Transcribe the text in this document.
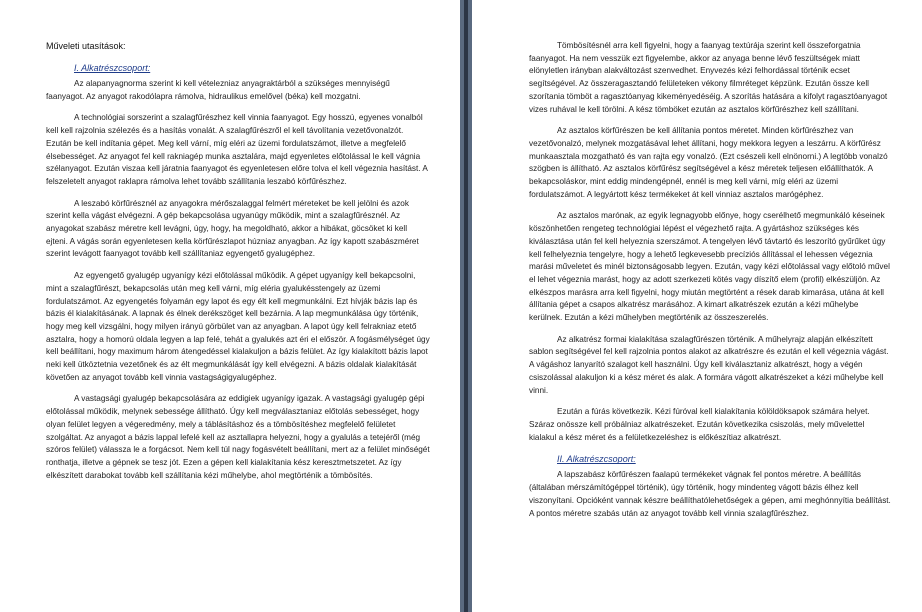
Műveleti utasítások:
I. Alkatrészcsoport:

Az alapanyagnorma szerint ki kell vételezniaz anyagraktárból a szükséges mennyiségű faanyagot. Az anyagot rakodólapra rámolva, hidraulikus emelővel (béka) kell mozgatni.

A technológiai sorszerint a szalagfűrészhez kell vinnia faanyagot. Egy hosszú, egyenes vonalból kell kell rajzolnia szélezés és a hasítás vonalát. A szalagfűrészről el kell távolítania vezetővonalzót. Ezután be kell indítania gépet. Meg kell vární, míg eléri az üzemi fordulatszámot, illetve a megfelelő élsebességet. Az anyagot fel kell rakniagép munka asztalára, majd egyenletes előtolással le kell vágnia szélanyagot. Ezután viszaa kell járatnia faanyagot és egyenletesen előre tolva el kell végeznia hasítást. A felszeletelt anyagot raklapra rámolva lehet tovább szállítania leszabó körfűrészhez.

A leszabó körfűrésznél az anyagokra mérőszalaggal felmért méreteket be kell jelölni és azok szerint kella vágást elvégezni. A gép bekapcsolása ugyanúgy működik, mint a szalagfűrésznél. Az anyagokat szabász méretre kell levágni, úgy, hogy, ha megoldható, akkor a hibákat, göcsöket ki kell ejteni. A vágás során egyenletesen kella körfűrészlapot húzniaz anyagban. Az így kapott szabászméret szerint levágott faanyagot tovább kell szállítaniaz egyengető gyalugéphez.

Az egyengető gyalugép ugyanígy kézi előtolással működik. A gépet ugyanígy kell bekapcsolni, mint a szalagfűrészt, bekapcsolás után meg kell várni, míg eléria gyalukésstengely az üzemi fordulatszámot. Az egyengetés folyamán egy lapot és egy élt kell megmunkálni. Ezt hívják bázis lap és bázis él kialakításának. A lapnak és élnek derékszöget kell bezárnia. A lap megmunkálása úgy történik, hogy meg kell vizsgálni, hogy milyen irányú görbület van az anyagban. A lapot úgy kell felrakniaz etető asztalra, hogy a homorú oldala legyen a lap felé, tehát a gyalukés azt éri el először. A fogásmélységet úgy kell beállítani, hogy maximum három átengedéssel kialakuljon a bázis felület. Az így kialakított bázis lapot neki kell ütköztetnia vezetőnek és az élt megmunkálását így kell elvégezni. A bázis oldalak kialakítását követően az anyagot tovább kell vinnia vastagságigyalugéphez.

A vastagsági gyalugép bekapcsolására az eddigiek ugyanígy igazak. A vastagsági gyalugép gépi előtolással működik, melynek sebessége állítható. Úgy kell megválasztaniaz előtolás sebességet, hogy olyan felület legyen a végeredmény, mely a táblásításhoz és a tömbösítéshez megfelelő felületet szolgáltat. Az anyagot a bázis lappal lefelé kell az asztallapra helyezni, hogy a gyalulás a tetejéről (még szóros felület) válassza le a forgácsot. Nem kell túl nagy fogásvételt beállítani, mert az a felület minőségét ronthatja, illetve a gépnek se tesz jót. Ezen a gépen kell kialakítania kész keresztmetszetet. Az így elkészített darabokat tovább kell szállítania kézi műhelybe, ahol megtörténik a tömbösítés.

Tömbösítésnél arra kell figyelni, hogy a faanyag textúrája szerint kell összeforgatnia faanyagot. Ha nem vesszük ezt figyelembe, akkor az anyaga benne lévő feszültségek miatt elönyletlen irányban alakváltozást szenvedhet. Enyvezés kézi felhordással történik ecset segítségével. Az összeragasztandó felületeken vékony filmréteget képzünk. Ezután össze kell szorítania tömböt a ragasztóanyag kikeményedéséig. A szorítás hatására a kifolyt ragasztóanyagot vizes ruhával le kell törölni. A kész tömböket ezután az asztalos körfűrészhez kell szállítani.

Az asztalos körfűrészen be kell állítania pontos méretet. Minden körfűrészhez van vezetővonalzó, melynek mozgatásával lehet állítani, hogy mekkora legyen a leszárru. A körfűrész munkaasztala mozgatható és van rajta egy vonalzó. (Ezt csészeli kell elnönorni.) A legtöbb vonalzó szögben is állítható. Az asztalos körfűrész segítségével a kész méretek teljesen előállíthatók. A bekapcsoláskor, mint eddig mindengépnél, ennél is meg kell várni, míg eléri az üzemi fordulatszámot. A legyártott kész termékeket át kell vinniaz asztalos marógéphez.

Az asztalos marónak, az egyik legnagyobb előnye, hogy cserélhető megmunkáló késeinek köszönhetően rengeteg technológiai lépést el végezhető rajta. A gyártáshoz szükséges kés kiválasztása után fel kell helyeznia szerszámot. A tengelyen lévő távtartó és leszorító gyűrűket úgy kell felhelyeznia tengelyre, hogy a lehető legkevesebb precíziós állítással el lehessen végeznia marási műveletet és minél biztonságosabb legyen. Ezután, vagy kézi előtolással vagy előtoló művel el lehet végeznia marást, hogy az adott szerkezeti kötés vagy díszítő elem (profil) elkészüljön. Az elkészpos marásra arra kell figyelni, hogy miután megtörtént a rések darab kimarása, utána át kell állítania gépet a csapos alkatrész marásához. A kimart alkatrészek ezután a kézi műhelybe kerülnek. Ezután a kézi műhelyben megtörténik az összeszerelés.

Az alkatrész formai kialakítása szalagfűrészen történik. A műhelyrajz alapján elkészített sablon segítségével fel kell rajzolnia pontos alakot az alkatrészre és ezután el kell végeznia vágást. A vágáshoz lanyarító szalagot kell használni. Úgy kell kiválasztaniz alkatrészt, hogy a végén csiszolással alakuljon ki a kész méret és alak. A formára vágott alkatrészeket a kézi műhelybe kell vinni.

Ezután a fúrás következik. Kézi fúróval kell kialakítania kölöldöksapok számára helyet. Száraz onössze kell próbálniaz alkatrészeket. Ezután következika csiszolás, mely művelettel kialakul a kész méret és a felületkezeléshez is előkészítiaz alkatrészt.

II. Alkatrészcsoport:

A lapszabász körfűrészen faalapú termékeket vágnak fel pontos méretre. A beállítás (általában mérszámítógéppel történik), úgy történik, hogy mindenteg vágott bázis élhez kell viszonyítani. Opcióként vannak készre beállíthatólehetőségek a gépen, ami meghónnyítia beállítást. A pontos méretre szabás után az anyagot tovább kell vinnia szalagfűrészhez.
